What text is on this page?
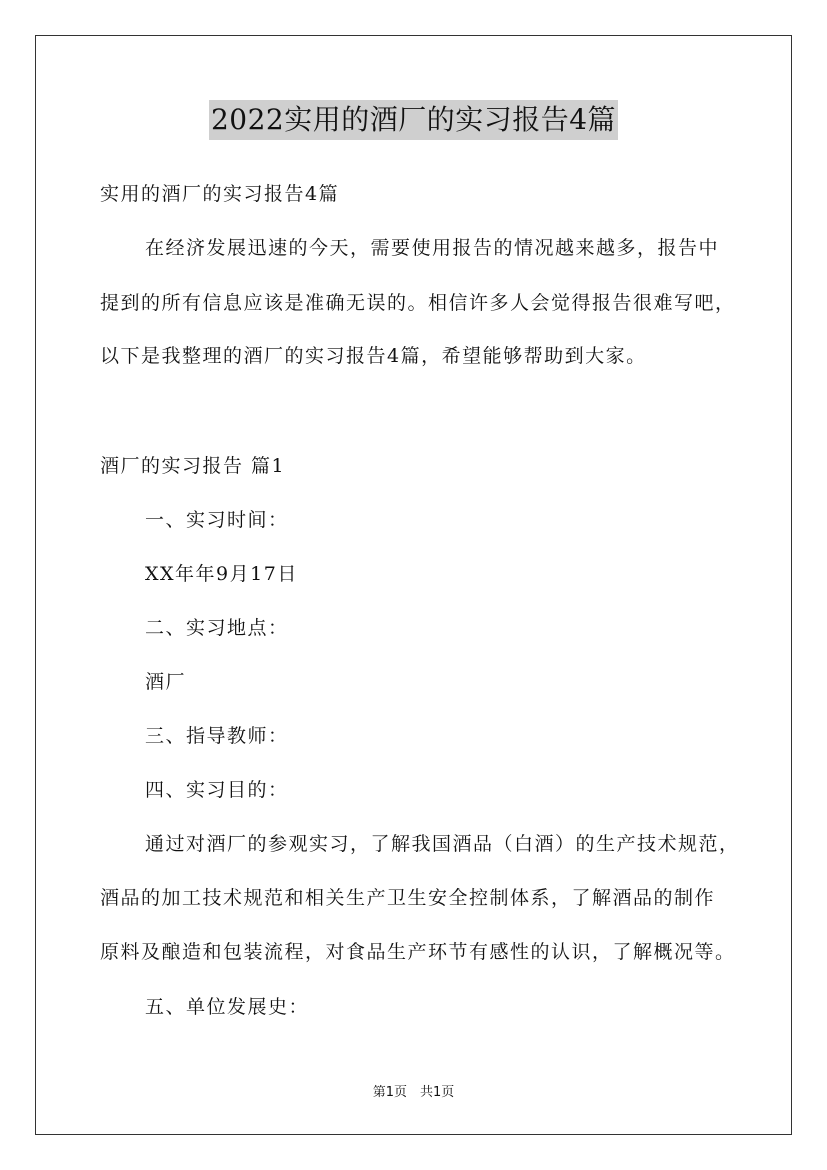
2022实用的酒厂的实习报告4篇
实用的酒厂的实习报告4篇
在经济发展迅速的今天，需要使用报告的情况越来越多，报告中
提到的所有信息应该是准确无误的。相信许多人会觉得报告很难写吧，
以下是我整理的酒厂的实习报告4篇，希望能够帮助到大家。
酒厂的实习报告 篇1
一、实习时间：
XX年年9月17日
二、实习地点：
酒厂
三、指导教师：
四、实习目的：
通过对酒厂的参观实习，了解我国酒品（白酒）的生产技术规范，
酒品的加工技术规范和相关生产卫生安全控制体系，了解酒品的制作
原料及酿造和包装流程，对食品生产环节有感性的认识，了解概况等。
五、单位发展史：
第1页　共1页
